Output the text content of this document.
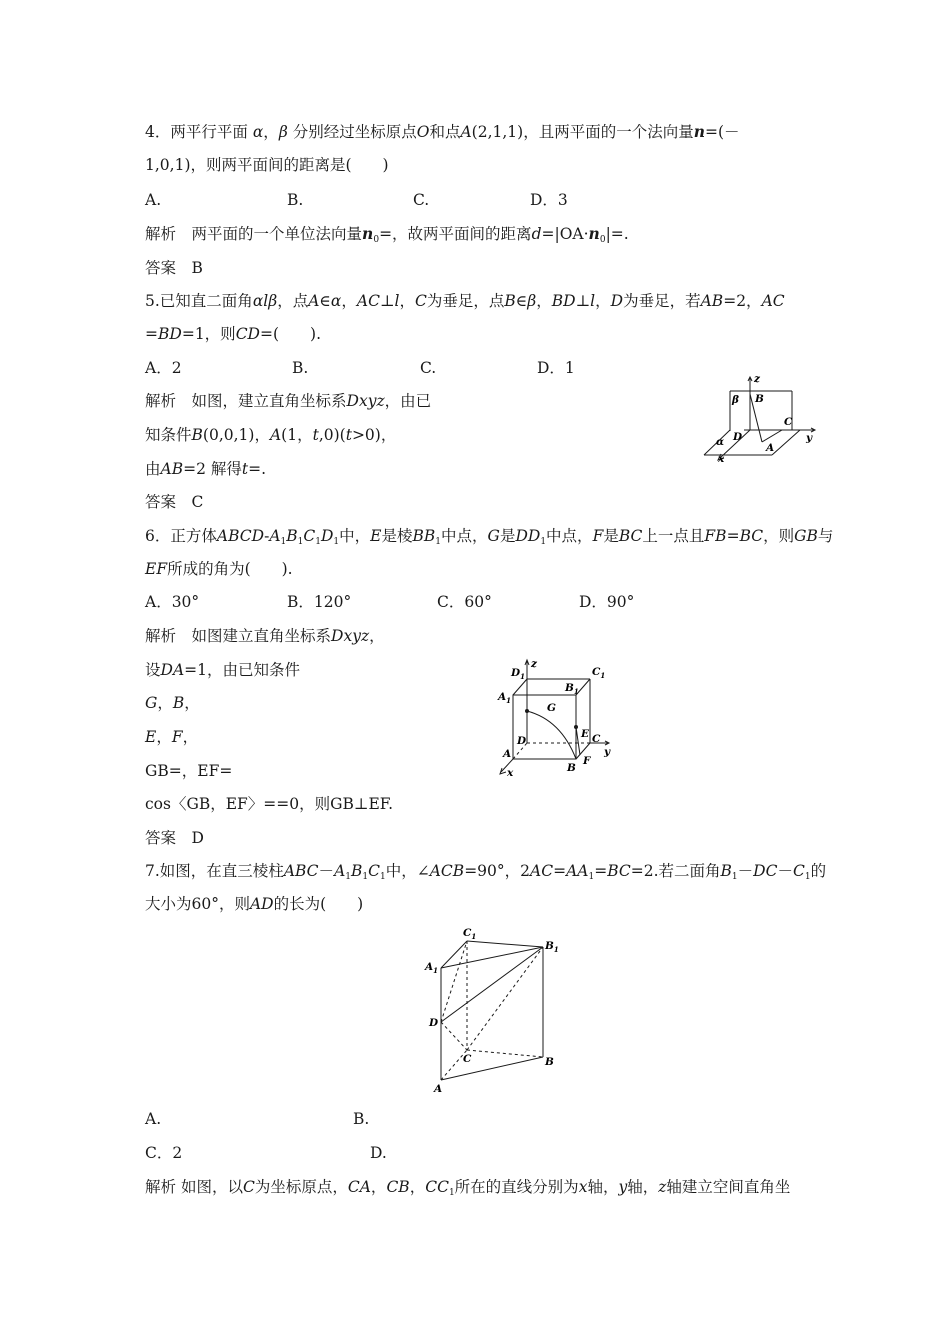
4．两平行平面 α，β 分别经过坐标原点O和点A(2,1,1)，且两平面的一个法向量n=(－
1,0,1)，则两平面间的距离是(　　)
A.	B.	C.	D．3
解析　 两平面的一个单位法向量$n_0=$，故两平面间的距离$d=|OA\cdot n_0|=$.
答案　 B
5.已知直二面角αlβ，点A∈α，AC⊥l，C为垂足，点B∈β，BD⊥l，D为垂足，若AB=2，AC
=BD=1，则CD=(　　).
A．2	B.	C.	D．1
解析　 如图，建立直角坐标系Dxyz，由已
知条件B(0,0,1)，A(1，t,0)(t>0)，
由AB=2 解得t=.
答案　 C
z
β B
C
y
α D
A
x
6．正方体ABCD-$A_1B_1C_1D_1$中，E是棱$BB_1$中点，G是$DD_1$中点，F是BC上一点且FB=BC，则GB与
EF所成的角为(　　).
A．30°	B．120°	C．60°	D．90°
解析　 如图建立直角坐标系Dxyz，
设DA=1，由已知条件
G，B，
E，F，
GB=，EF=
cos〈GB，EF〉==0，则GB⊥EF.
答案　 D
$D_1$
z
$C_1$
$A_1$
$B_1$
G
D
E C
A	y
B
F
x
7.如图，在直三棱柱$ABC-A_1B_1C_1$中，∠ACB=90°，$2AC=AA_1=BC=2$.若二面角$B_1-DC-C_1$的
大小为60°，则AD的长为(　　)
$C_1$
$B_1$
$A_1$
D
C	B
A
A.	B.
C．2	D.
解析 如图，以C为坐标原点，CA，CB，$CC_1$所在的直线分别为x轴，y轴，z轴建立空间直角坐
